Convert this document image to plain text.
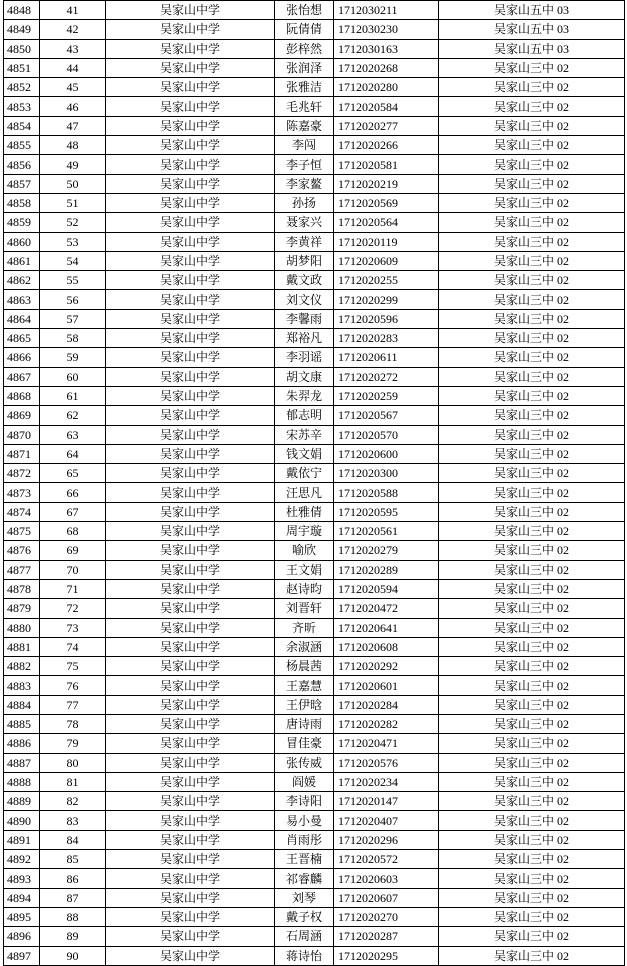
4848	41	吴家山中学	张怡想	1712030211	吴家山五中 03
4849	42	吴家山中学	阮倩倩	1712030230	吴家山五中 03
4850	43	吴家山中学	彭梓然	1712030163	吴家山五中 03
4851	44	吴家山中学	张润泽	1712020268	吴家山三中 02
4852	45	吴家山中学	张雅洁	1712020280	吴家山三中 02
4853	46	吴家山中学	毛兆轩	1712020584	吴家山三中 02
4854	47	吴家山中学	陈嘉豪	1712020277	吴家山三中 02
4855	48	吴家山中学	李闯	1712020266	吴家山三中 02
4856	49	吴家山中学	李子恒	1712020581	吴家山三中 02
4857	50	吴家山中学	李家鳌	1712020219	吴家山三中 02
4858	51	吴家山中学	孙扬	1712020569	吴家山三中 02
4859	52	吴家山中学	聂家兴	1712020564	吴家山三中 02
4860	53	吴家山中学	李黄祥	1712020119	吴家山三中 02
4861	54	吴家山中学	胡梦阳	1712020609	吴家山三中 02
4862	55	吴家山中学	戴文政	1712020255	吴家山三中 02
4863	56	吴家山中学	刘文仪	1712020299	吴家山三中 02
4864	57	吴家山中学	李馨雨	1712020596	吴家山三中 02
4865	58	吴家山中学	郑裕凡	1712020283	吴家山三中 02
4866	59	吴家山中学	李羽谣	1712020611	吴家山三中 02
4867	60	吴家山中学	胡文康	1712020272	吴家山三中 02
4868	61	吴家山中学	朱羿龙	1712020259	吴家山三中 02
4869	62	吴家山中学	郁志明	1712020567	吴家山三中 02
4870	63	吴家山中学	宋苏辛	1712020570	吴家山三中 02
4871	64	吴家山中学	钱文娟	1712020600	吴家山三中 02
4872	65	吴家山中学	戴依宁	1712020300	吴家山三中 02
4873	66	吴家山中学	汪思凡	1712020588	吴家山三中 02
4874	67	吴家山中学	杜雅倩	1712020595	吴家山三中 02
4875	68	吴家山中学	周宇璇	1712020561	吴家山三中 02
4876	69	吴家山中学	喻欣	1712020279	吴家山三中 02
4877	70	吴家山中学	王文娟	1712020289	吴家山三中 02
4878	71	吴家山中学	赵诗昀	1712020594	吴家山三中 02
4879	72	吴家山中学	刘晋轩	1712020472	吴家山三中 02
4880	73	吴家山中学	齐昕	1712020641	吴家山三中 02
4881	74	吴家山中学	余淑涵	1712020608	吴家山三中 02
4882	75	吴家山中学	杨晨茜	1712020292	吴家山三中 02
4883	76	吴家山中学	王嘉慧	1712020601	吴家山三中 02
4884	77	吴家山中学	王伊晗	1712020284	吴家山三中 02
4885	78	吴家山中学	唐诗雨	1712020282	吴家山三中 02
4886	79	吴家山中学	冒佳豪	1712020471	吴家山三中 02
4887	80	吴家山中学	张传威	1712020576	吴家山三中 02
4888	81	吴家山中学	阎媛	1712020234	吴家山三中 02
4889	82	吴家山中学	李诗阳	1712020147	吴家山三中 02
4890	83	吴家山中学	易小曼	1712020407	吴家山三中 02
4891	84	吴家山中学	肖雨彤	1712020296	吴家山三中 02
4892	85	吴家山中学	王晋楠	1712020572	吴家山三中 02
4893	86	吴家山中学	祁睿麟	1712020603	吴家山三中 02
4894	87	吴家山中学	刘琴	1712020607	吴家山三中 02
4895	88	吴家山中学	戴子权	1712020270	吴家山三中 02
4896	89	吴家山中学	石周涵	1712020287	吴家山三中 02
4897	90	吴家山中学	蒋诗怡	1712020295	吴家山三中 02
